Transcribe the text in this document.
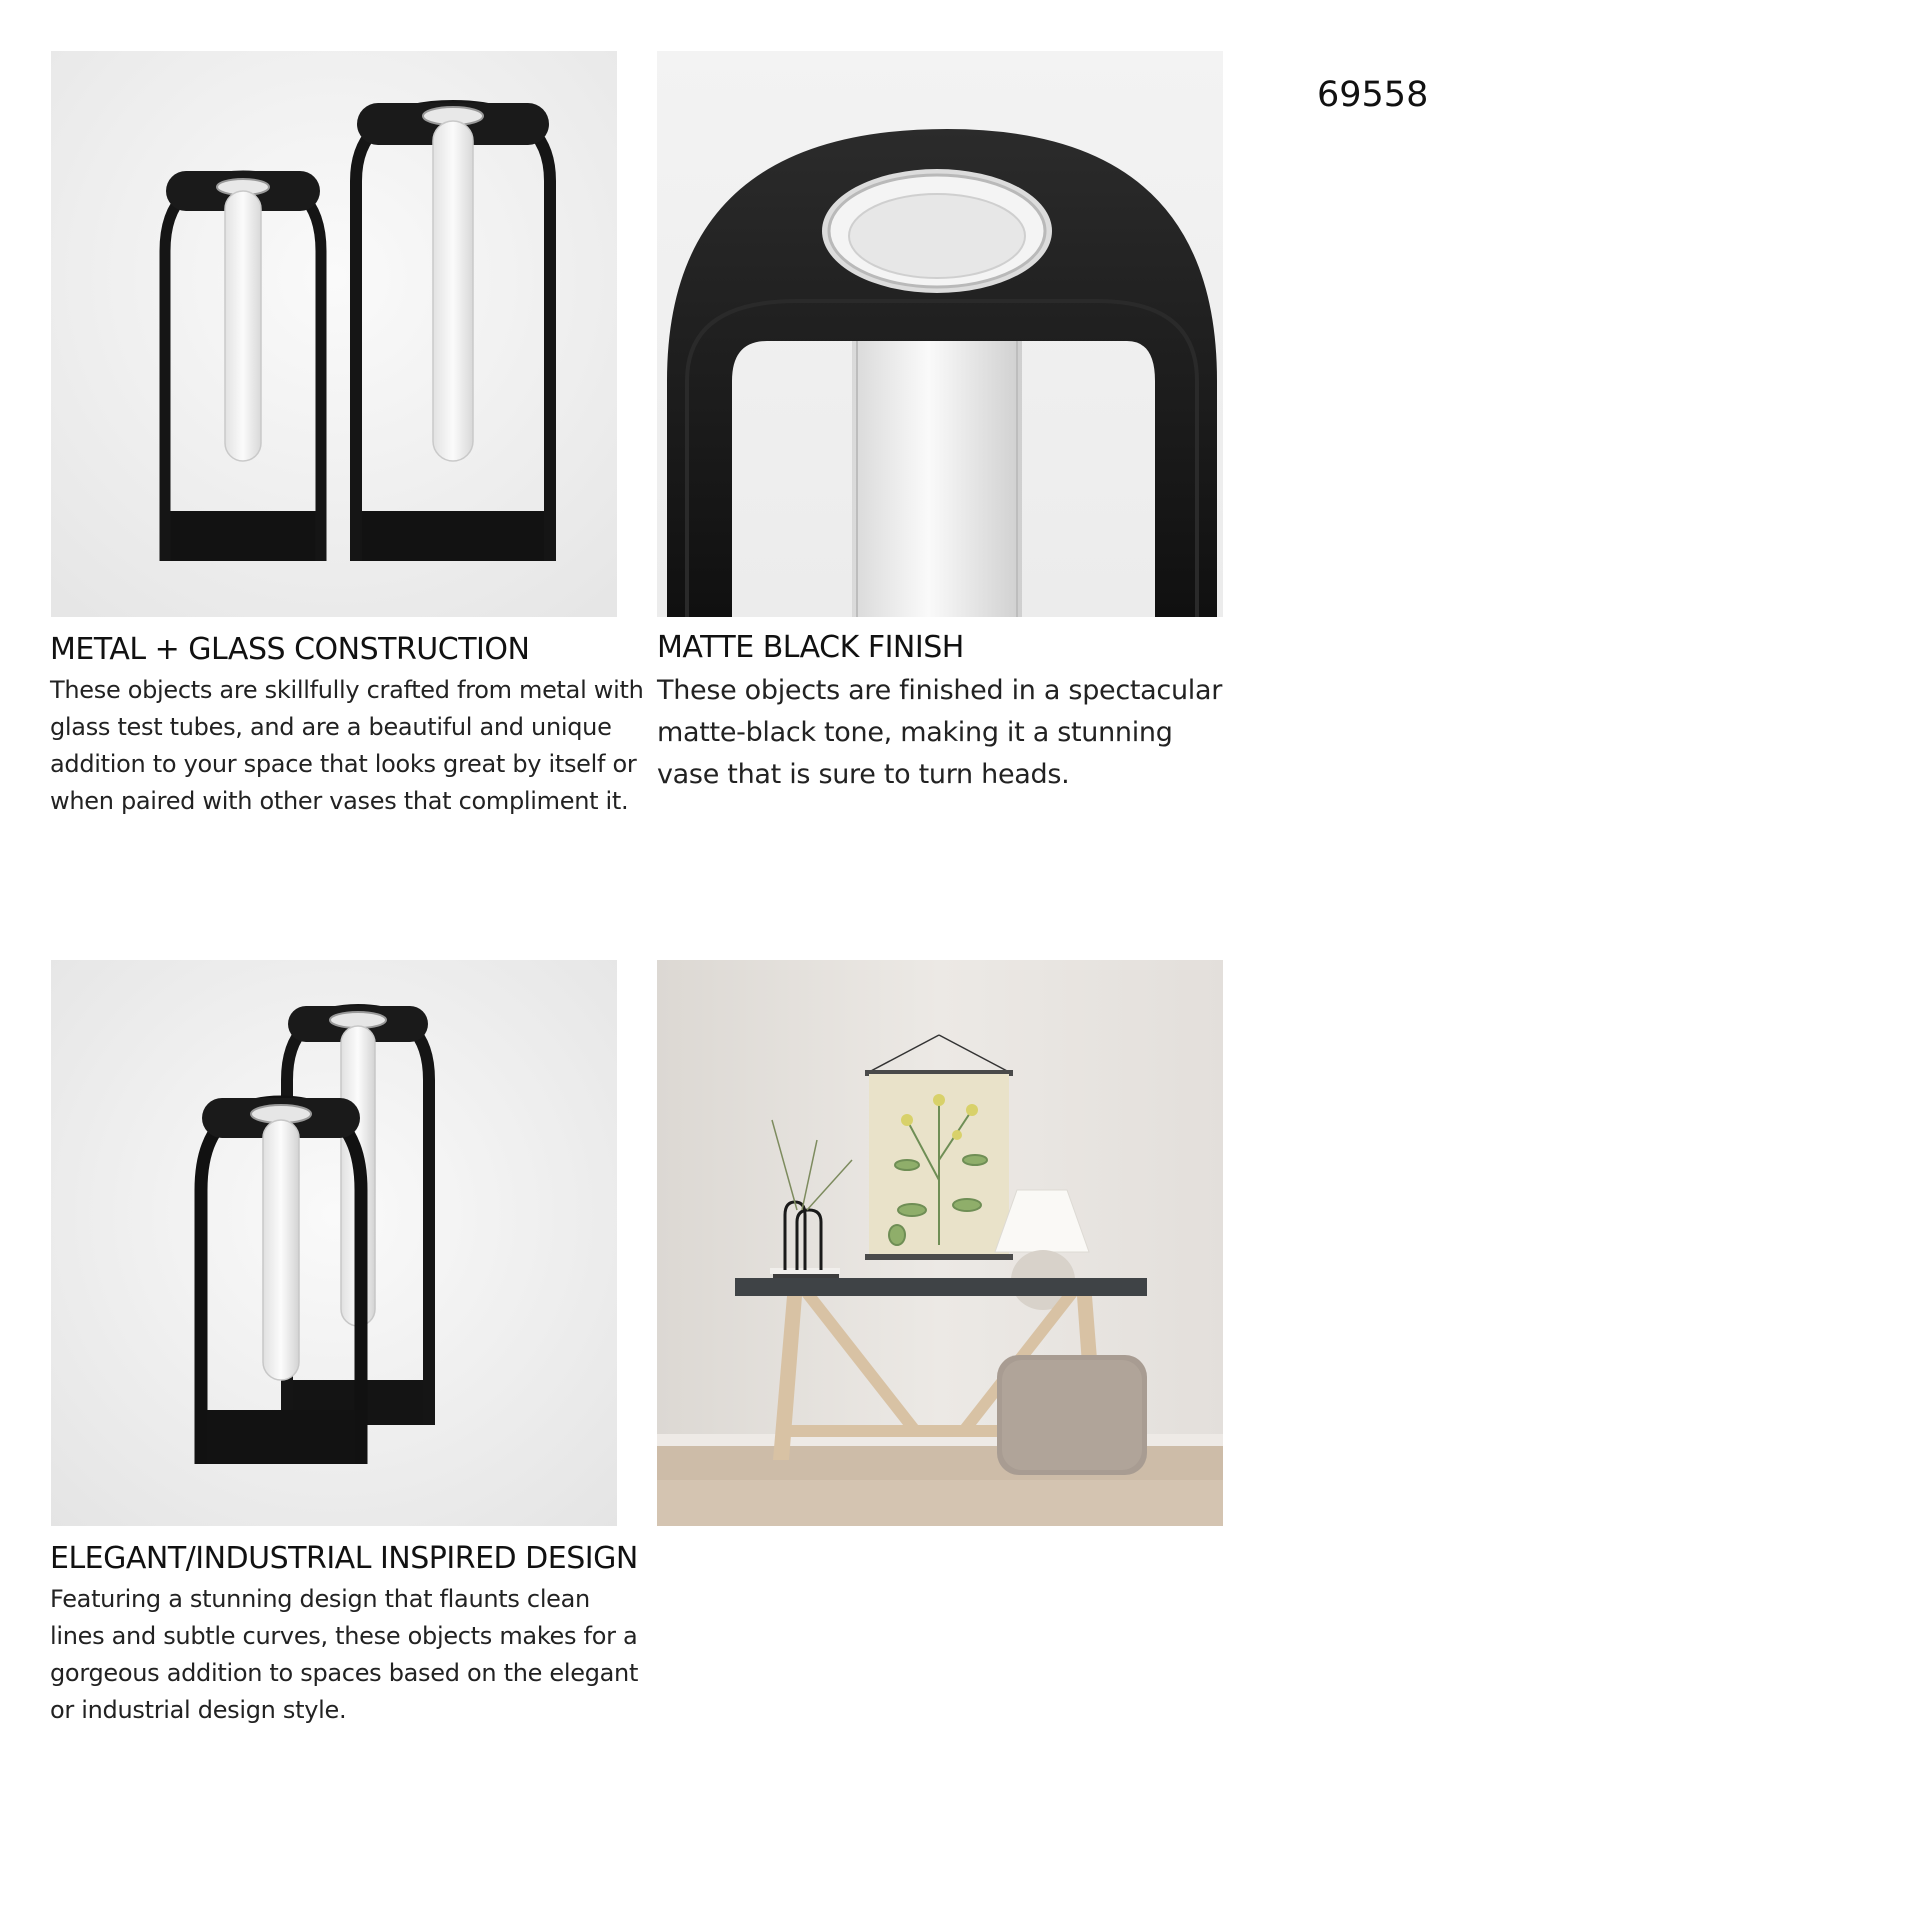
69558
METAL + GLASS CONSTRUCTION

These objects are skillfully crafted from metal with glass test tubes, and are a beautiful and unique addition to your space that looks great by itself or when paired with other vases that compliment it.

MATTE BLACK FINISH

These objects are finished in a spectacular matte-black tone, making it a stunning vase that is sure to turn heads.

ELEGANT/INDUSTRIAL INSPIRED DESIGN

Featuring a stunning design that flaunts clean lines and subtle curves, these objects makes for a gorgeous addition to spaces based on the elegant or industrial design style.
